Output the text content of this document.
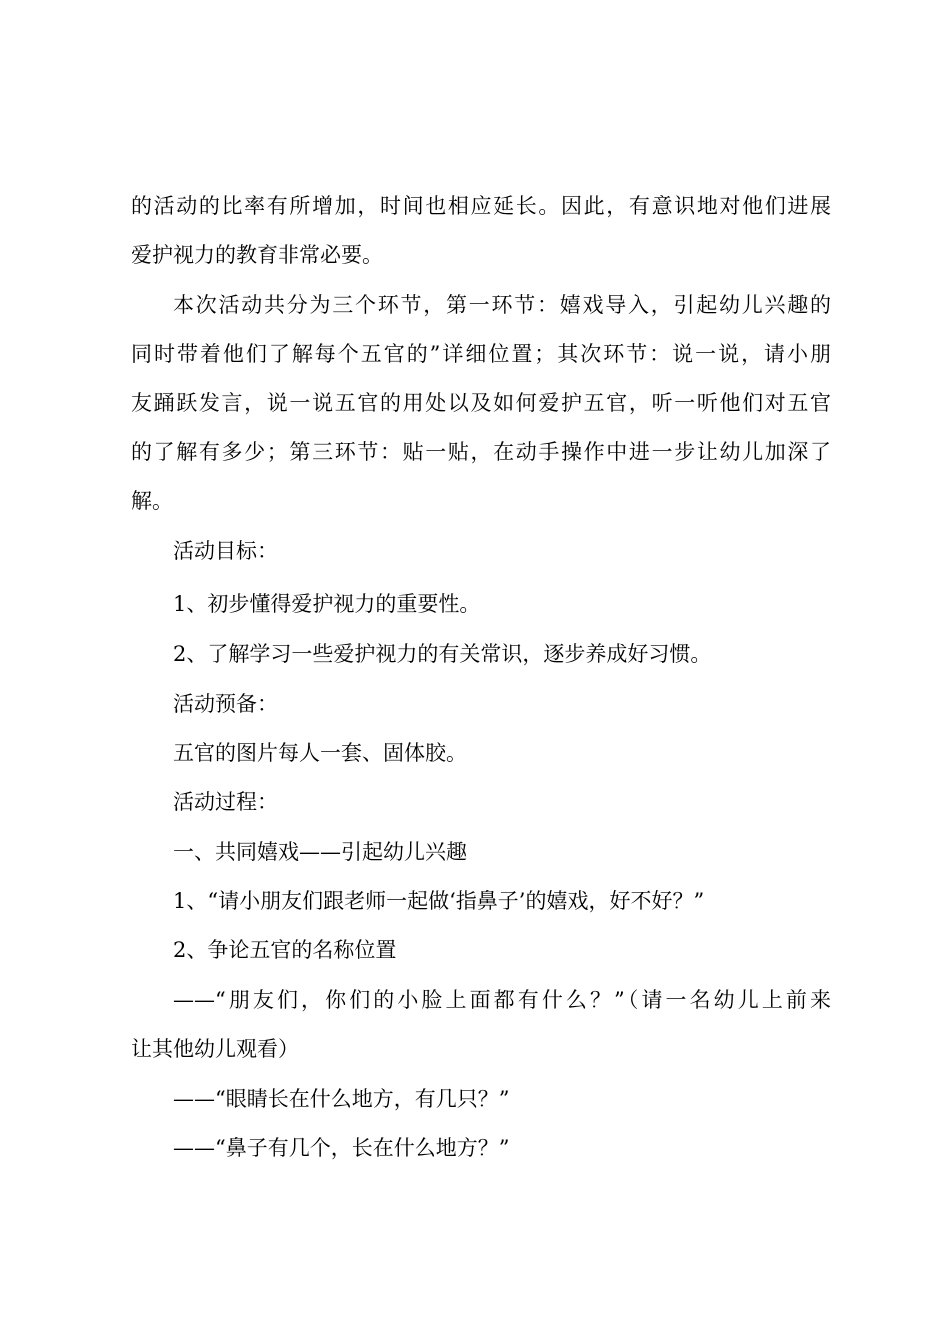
的活动的比率有所增加，时间也相应延长。因此，有意识地对他们进展
爱护视力的教育非常必要。
本次活动共分为三个环节，第一环节：嬉戏导入，引起幼儿兴趣的
同时带着他们了解每个五官的”详细位置；其次环节：说一说，请小朋
友踊跃发言，说一说五官的用处以及如何爱护五官，听一听他们对五官
的了解有多少；第三环节：贴一贴，在动手操作中进一步让幼儿加深了
解。
活动目标：
1、初步懂得爱护视力的重要性。
2、了解学习一些爱护视力的有关常识，逐步养成好习惯。
活动预备：
五官的图片每人一套、固体胶。
活动过程：
一、共同嬉戏——引起幼儿兴趣
1、“请小朋友们跟老师一起做‘指鼻子’的嬉戏，好不好？”
2、争论五官的名称位置
——“朋友们，你们的小脸上面都有什么？”（请一名幼儿上前来
让其他幼儿观看）
——“眼睛长在什么地方，有几只？”
——“鼻子有几个，长在什么地方？”
